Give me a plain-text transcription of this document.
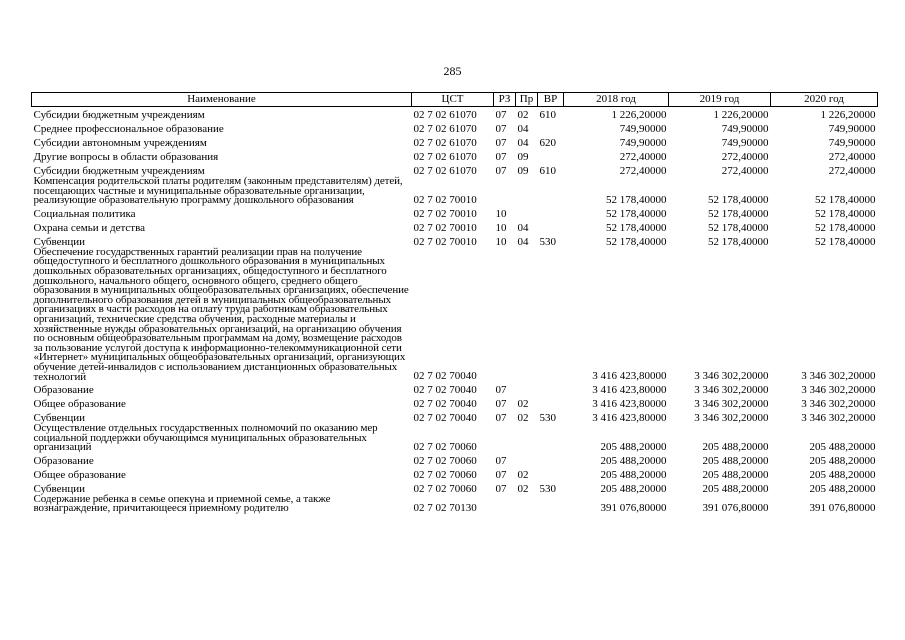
285
Наименование	ЦСТ	РЗ	Пр	ВР	2018 год	2019 год	2020 год
Субсидии бюджетным учреждениям	02 7 02 61070	07	02	610	1 226,20000	1 226,20000	1 226,20000
Среднее профессиональное образование	02 7 02 61070	07	04		749,90000	749,90000	749,90000
Субсидии автономным учреждениям	02 7 02 61070	07	04	620	749,90000	749,90000	749,90000
Другие вопросы в области образования	02 7 02 61070	07	09		272,40000	272,40000	272,40000
Субсидии бюджетным учреждениям	02 7 02 61070	07	09	610	272,40000	272,40000	272,40000
Компенсация родительской платы родителям (законным представителям) детей, посещающих частные и муниципальные образовательные организации, реализующие образовательную программу дошкольного образования	02 7 02 70010				52 178,40000	52 178,40000	52 178,40000
Социальная политика	02 7 02 70010	10			52 178,40000	52 178,40000	52 178,40000
Охрана семьи и детства	02 7 02 70010	10	04		52 178,40000	52 178,40000	52 178,40000
Субвенции	02 7 02 70010	10	04	530	52 178,40000	52 178,40000	52 178,40000
Обеспечение государственных гарантий реализации прав на получение общедоступного и бесплатного дошкольного образования в муниципальных дошкольных образовательных организациях, общедоступного и бесплатного дошкольного, начального общего, основного общего, среднего общего образования в муниципальных общеобразовательных организациях, обеспечение дополнительного образования детей в муниципальных общеобразовательных организациях в части расходов на оплату труда работникам образовательных организаций, технические средства обучения, расходные материалы и хозяйственные нужды образовательных организаций, на организацию обучения по основным общеобразовательным программам на дому, возмещение расходов за пользование услугой доступа к информационно-телекоммуникационной сети «Интернет» муниципальных общеобразовательных организаций, организующих обучение детей-инвалидов с использованием дистанционных образовательных технологий	02 7 02 70040				3 416 423,80000	3 346 302,20000	3 346 302,20000
Образование	02 7 02 70040	07			3 416 423,80000	3 346 302,20000	3 346 302,20000
Общее образование	02 7 02 70040	07	02		3 416 423,80000	3 346 302,20000	3 346 302,20000
Субвенции	02 7 02 70040	07	02	530	3 416 423,80000	3 346 302,20000	3 346 302,20000
Осуществление отдельных государственных полномочий по оказанию мер социальной поддержки обучающимся муниципальных образовательных организаций	02 7 02 70060				205 488,20000	205 488,20000	205 488,20000
Образование	02 7 02 70060	07			205 488,20000	205 488,20000	205 488,20000
Общее образование	02 7 02 70060	07	02		205 488,20000	205 488,20000	205 488,20000
Субвенции	02 7 02 70060	07	02	530	205 488,20000	205 488,20000	205 488,20000
Содержание ребенка в семье опекуна и приемной семье, а также вознаграждение, причитающееся приемному родителю	02 7 02 70130				391 076,80000	391 076,80000	391 076,80000
